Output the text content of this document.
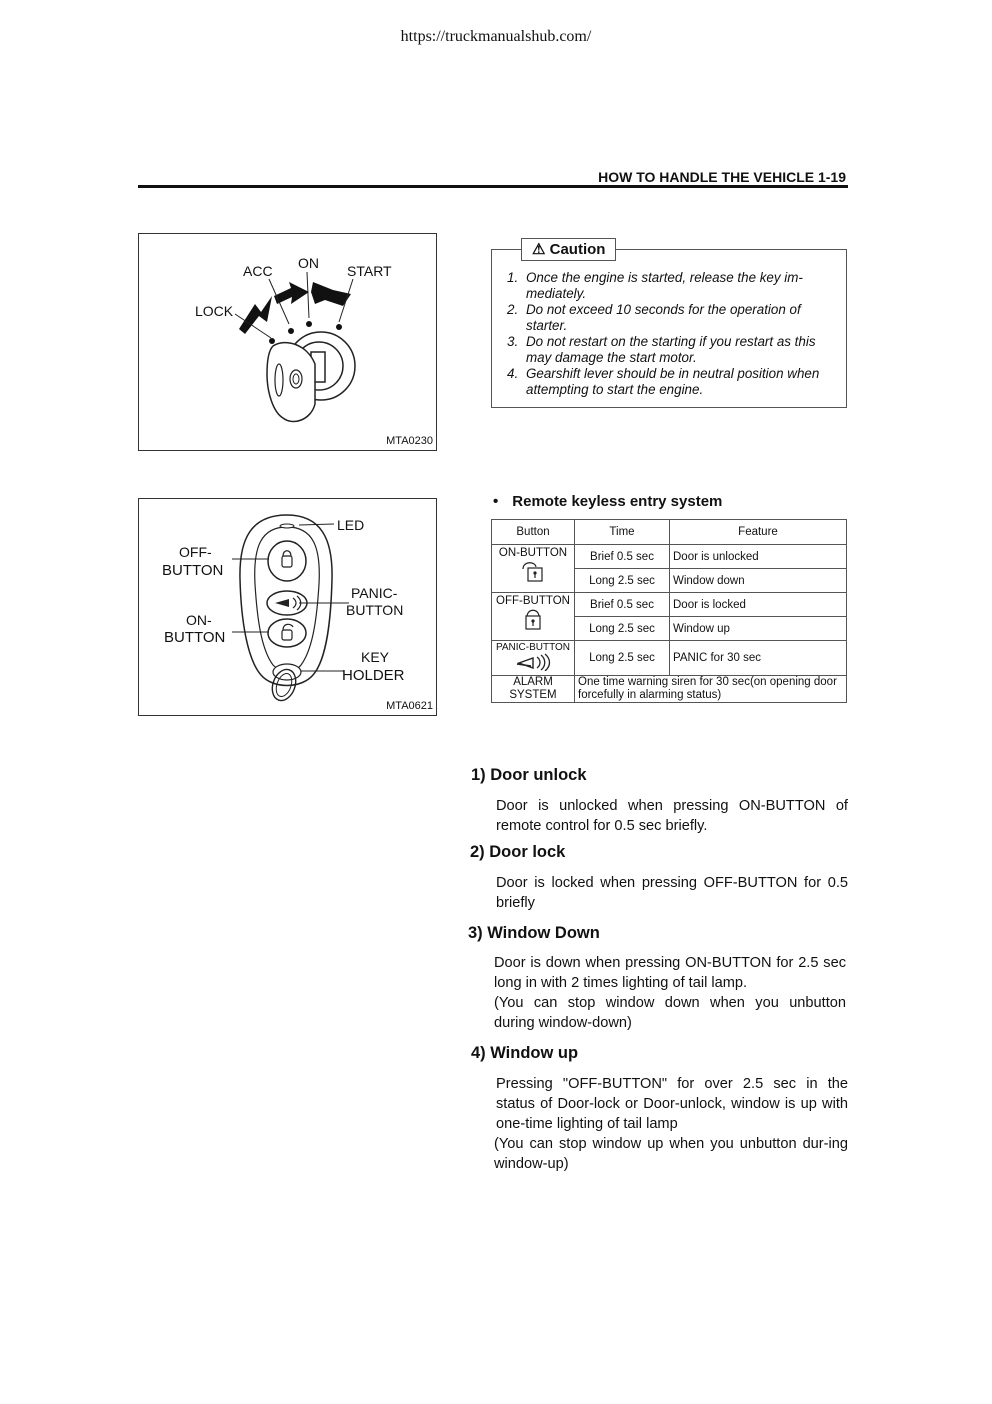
https://truckmanualshub.com/
HOW TO HANDLE THE VEHICLE 1-19
ACC ON START
LOCK
MTA0230
⚠ Caution
1. Once the engine is started, release the key im-mediately.
2. Do not exceed 10 seconds for the operation of starter.
3. Do not restart on the starting if you restart as this may damage the start motor.
4. Gearshift lever should be in neutral position when attempting to start the engine.
LED
OFF-
BUTTON
PANIC-
BUTTON
ON-
BUTTON
KEY
HOLDER
MTA0621
• Remote keyless entry system
Button	Time	Feature

ON-BUTTON	Brief 0.5 sec	Door is unlocked
	Long 2.5 sec	Window down

OFF-BUTTON	Brief 0.5 sec	Door is locked
	Long 2.5 sec	Window up

PANIC-BUTTON	Long 2.5 sec	PANIC for 30 sec

ALARM
SYSTEM	One time warning siren for 30 sec(on opening door forcefully in alarming status)	
1) Door unlock
Door is unlocked when pressing ON-BUTTON of remote control for 0.5 sec briefly.
2) Door lock
Door is locked when pressing OFF-BUTTON for 0.5 briefly
3) Window Down
Door is down when pressing ON-BUTTON for 2.5 sec long in with 2 times lighting of tail lamp.
(You can stop window down when you unbutton during window-down)
4) Window up
Pressing "OFF-BUTTON" for over 2.5 sec in the status of Door-lock or Door-unlock, window is up with one-time lighting of tail lamp
(You can stop window up when you unbutton dur-ing window-up)
